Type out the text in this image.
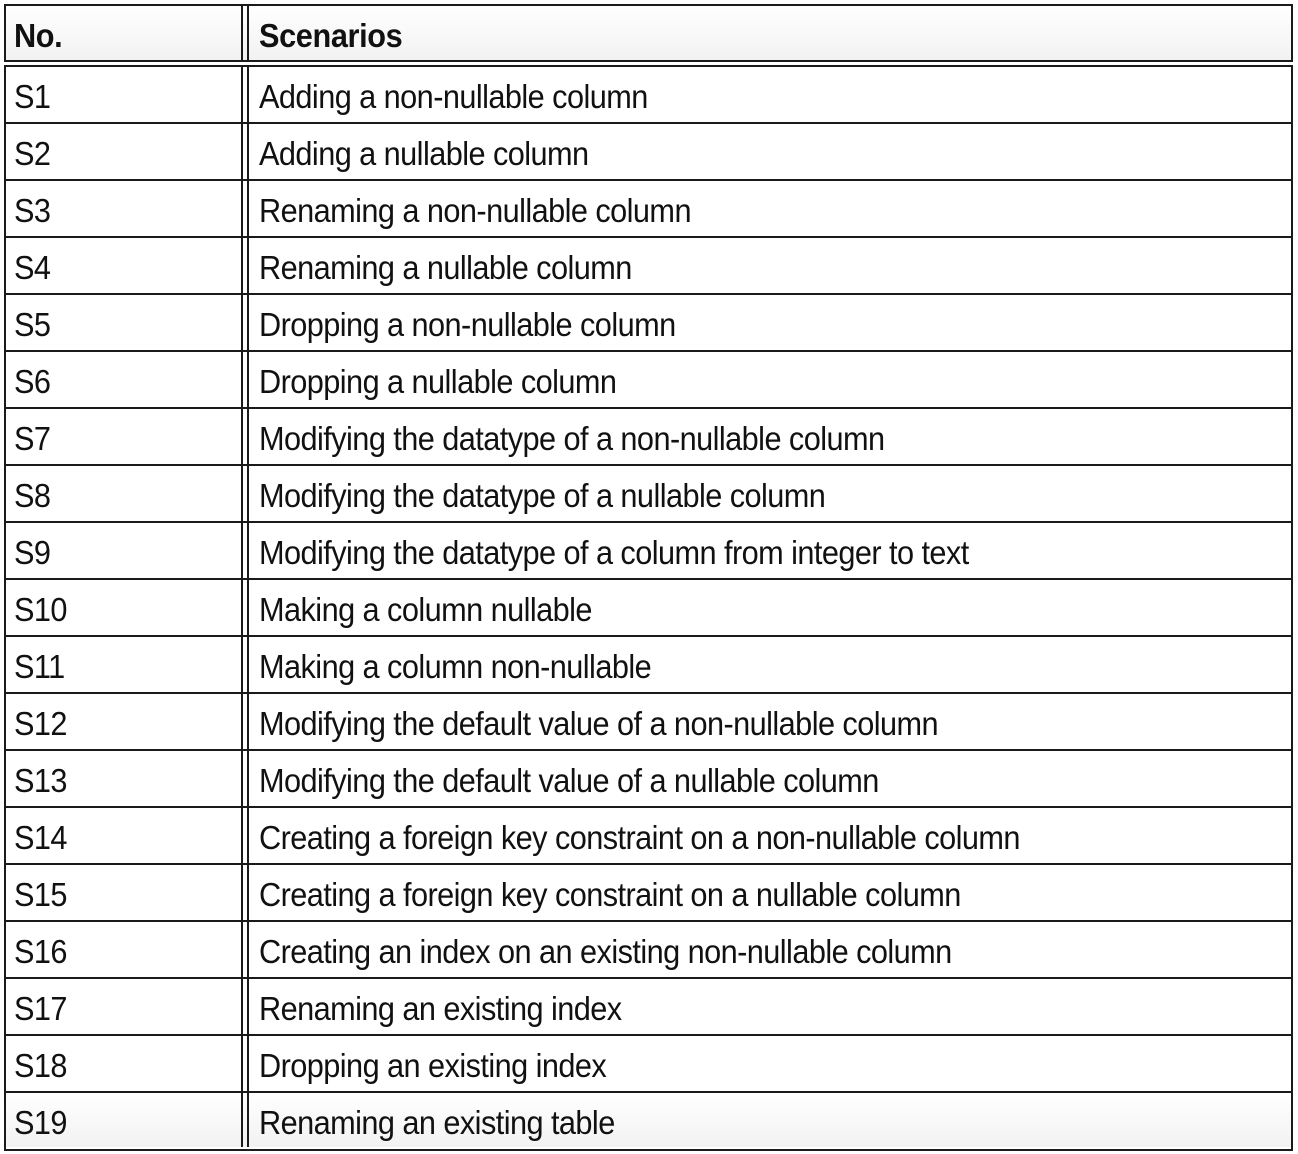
No.	Scenarios
S1	Adding a non-nullable column
S2	Adding a nullable column
S3	Renaming a non-nullable column
S4	Renaming a nullable column
S5	Dropping a non-nullable column
S6	Dropping a nullable column
S7	Modifying the datatype of a non-nullable column
S8	Modifying the datatype of a nullable column
S9	Modifying the datatype of a column from integer to text
S10	Making a column nullable
S11	Making a column non-nullable
S12	Modifying the default value of a non-nullable column
S13	Modifying the default value of a nullable column
S14	Creating a foreign key constraint on a non-nullable column
S15	Creating a foreign key constraint on a nullable column
S16	Creating an index on an existing non-nullable column
S17	Renaming an existing index
S18	Dropping an existing index
S19	Renaming an existing table
